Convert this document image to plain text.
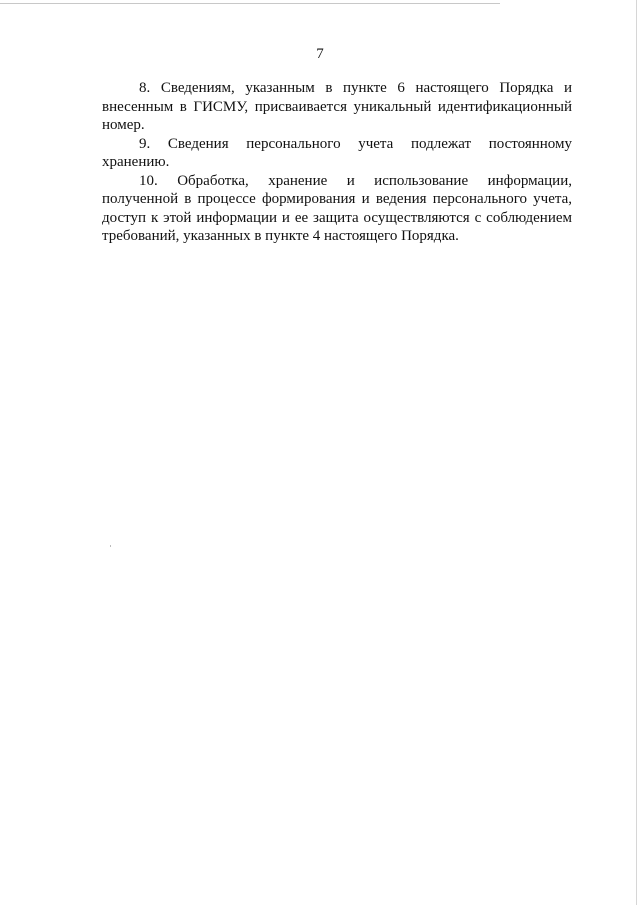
7

8. Сведениям, указанным в пункте 6 настоящего Порядка и внесенным в ГИСМУ, присваивается уникальный идентификационный номер.

9. Сведения персонального учета подлежат постоянному хранению.

10. Обработка, хранение и использование информации, полученной в процессе формирования и ведения персонального учета, доступ к этой информации и ее защита осуществляются с соблюдением требований, указанных в пункте 4 настоящего Порядка.
